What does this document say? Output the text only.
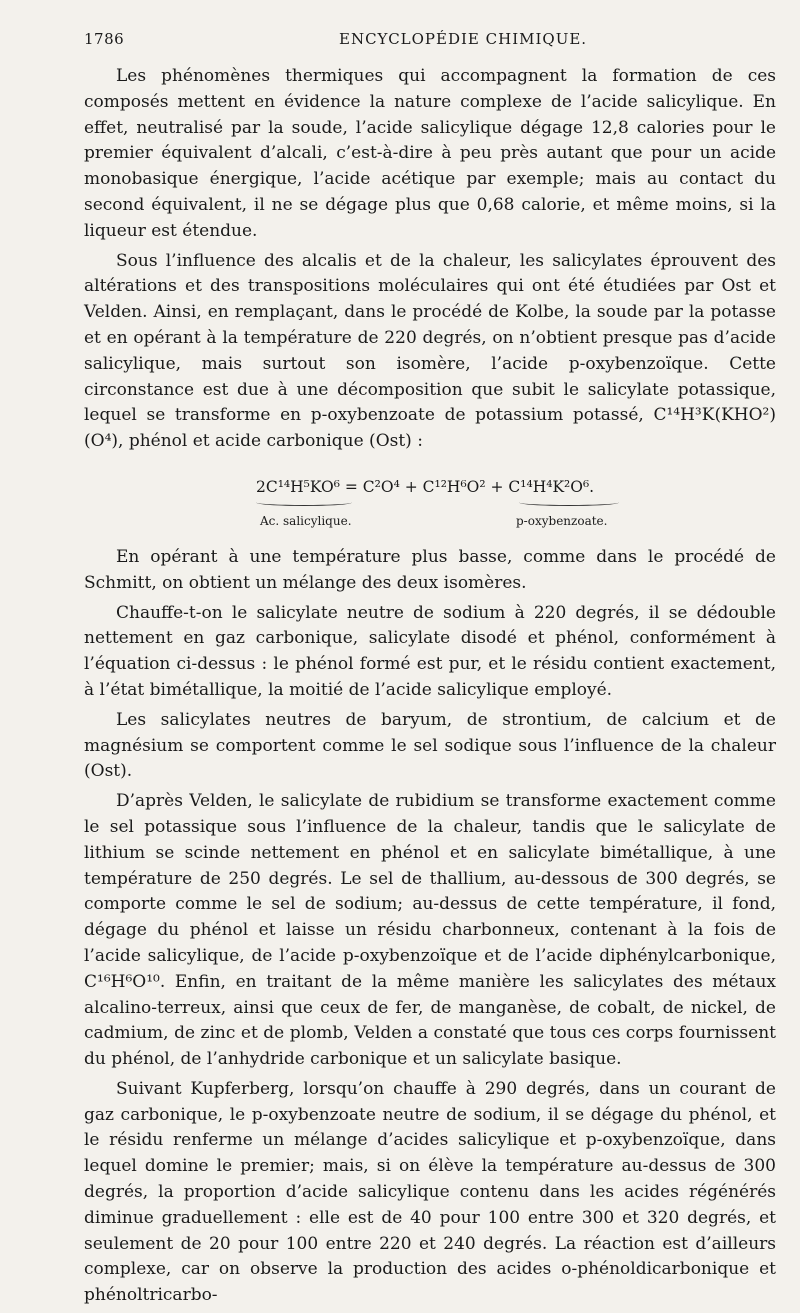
1786	ENCYCLOPÉDIE CHIMIQUE.

Les phénomènes thermiques qui accompagnent la formation de ces composés mettent en évidence la nature complexe de l’acide salicylique. En effet, neutralisé par la soude, l’acide salicylique dégage 12,8 calories pour le premier équivalent d’alcali, c’est-à-dire à peu près autant que pour un acide monobasique énergique, l’acide acétique par exemple; mais au contact du second équivalent, il ne se dégage plus que 0,68 calorie, et même moins, si la liqueur est étendue.

Sous l’influence des alcalis et de la chaleur, les salicylates éprouvent des altérations et des transpositions moléculaires qui ont été étudiées par Ost et Velden. Ainsi, en remplaçant, dans le procédé de Kolbe, la soude par la potasse et en opérant à la température de 220 degrés, on n’obtient presque pas d’acide salicylique, mais surtout son isomère, l’acide p-oxybenzoïque. Cette circonstance est due à une décomposition que subit le salicylate potassique, lequel se transforme en p-oxybenzoate de potassium potassé, C¹⁴H³K(KHO²)(O⁴), phénol et acide carbonique (Ost) :

2C¹⁴H⁵KO⁶ = C²O⁴ + C¹²H⁶O² + C¹⁴H⁴K²O⁶.
Ac. salicylique.	p-oxybenzoate.

En opérant à une température plus basse, comme dans le procédé de Schmitt, on obtient un mélange des deux isomères.

Chauffe-t-on le salicylate neutre de sodium à 220 degrés, il se dédouble nettement en gaz carbonique, salicylate disodé et phénol, conformément à l’équation ci-dessus : le phénol formé est pur, et le résidu contient exactement, à l’état bimétallique, la moitié de l’acide salicylique employé.

Les salicylates neutres de baryum, de strontium, de calcium et de magnésium se comportent comme le sel sodique sous l’influence de la chaleur (Ost).

D’après Velden, le salicylate de rubidium se transforme exactement comme le sel potassique sous l’influence de la chaleur, tandis que le salicylate de lithium se scinde nettement en phénol et en salicylate bimétallique, à une température de 250 degrés. Le sel de thallium, au-dessous de 300 degrés, se comporte comme le sel de sodium; au-dessus de cette température, il fond, dégage du phénol et laisse un résidu charbonneux, contenant à la fois de l’acide salicylique, de l’acide p-oxybenzoïque et de l’acide diphénylcarbonique, C¹⁶H⁶O¹⁰. Enfin, en traitant de la même manière les salicylates des métaux alcalino-terreux, ainsi que ceux de fer, de manganèse, de cobalt, de nickel, de cadmium, de zinc et de plomb, Velden a constaté que tous ces corps fournissent du phénol, de l’anhydride carbonique et un salicylate basique.

Suivant Kupferberg, lorsqu’on chauffe à 290 degrés, dans un courant de gaz carbonique, le p-oxybenzoate neutre de sodium, il se dégage du phénol, et le résidu renferme un mélange d’acides salicylique et p-oxybenzoïque, dans lequel domine le premier; mais, si on élève la température au-dessus de 300 degrés, la proportion d’acide salicylique contenu dans les acides régénérés diminue graduellement : elle est de 40 pour 100 entre 300 et 320 degrés, et seulement de 20 pour 100 entre 220 et 240 degrés. La réaction est d’ailleurs complexe, car on observe la production des acides o-phénoldicarbonique et phénoltricarbo-
